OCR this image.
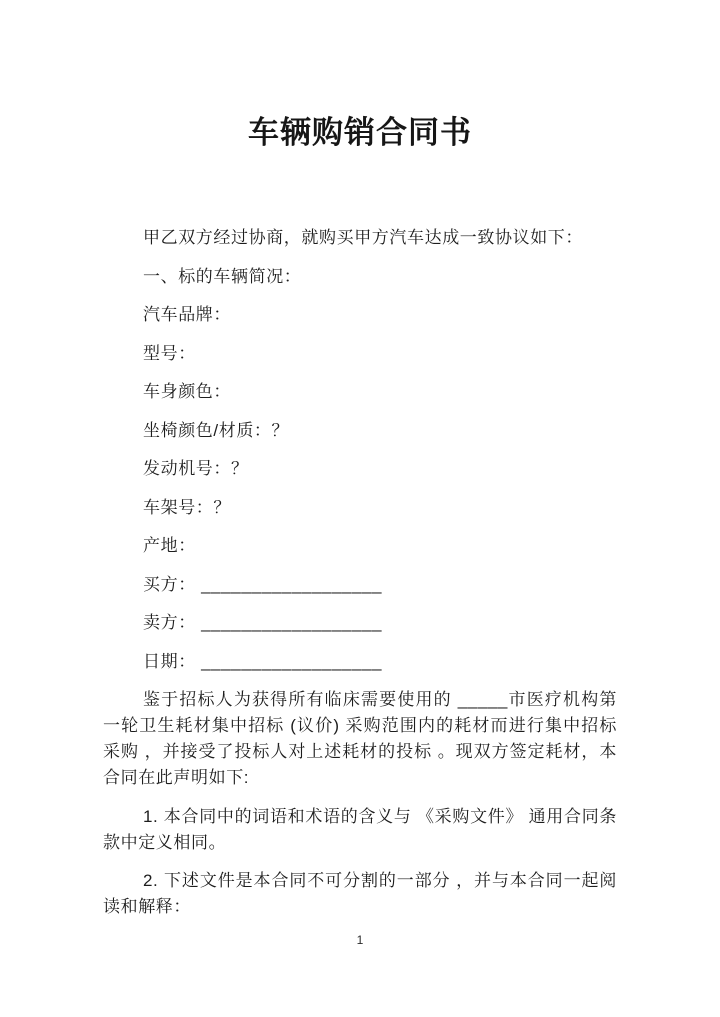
车辆购销合同书

甲乙双方经过协商，就购买甲方汽车达成一致协议如下：

一、标的车辆简况：

汽车品牌：

型号：

车身颜色：

坐椅颜色/材质：？

发动机号：？

车架号：？

产地：

买方： __________________

卖方： __________________

日期： __________________

鉴于招标人为获得所有临床需要使用的 _____市医疗机构第一轮卫生耗材集中招标 (议价) 采购范围内的耗材而进行集中招标采购 ，并接受了投标人对上述耗材的投标 。现双方签定耗材，本合同在此声明如下:

1. 本合同中的词语和术语的含义与 《采购文件》 通用合同条款中定义相同。

2. 下述文件是本合同不可分割的一部分 ，并与本合同一起阅读和解释：

1
